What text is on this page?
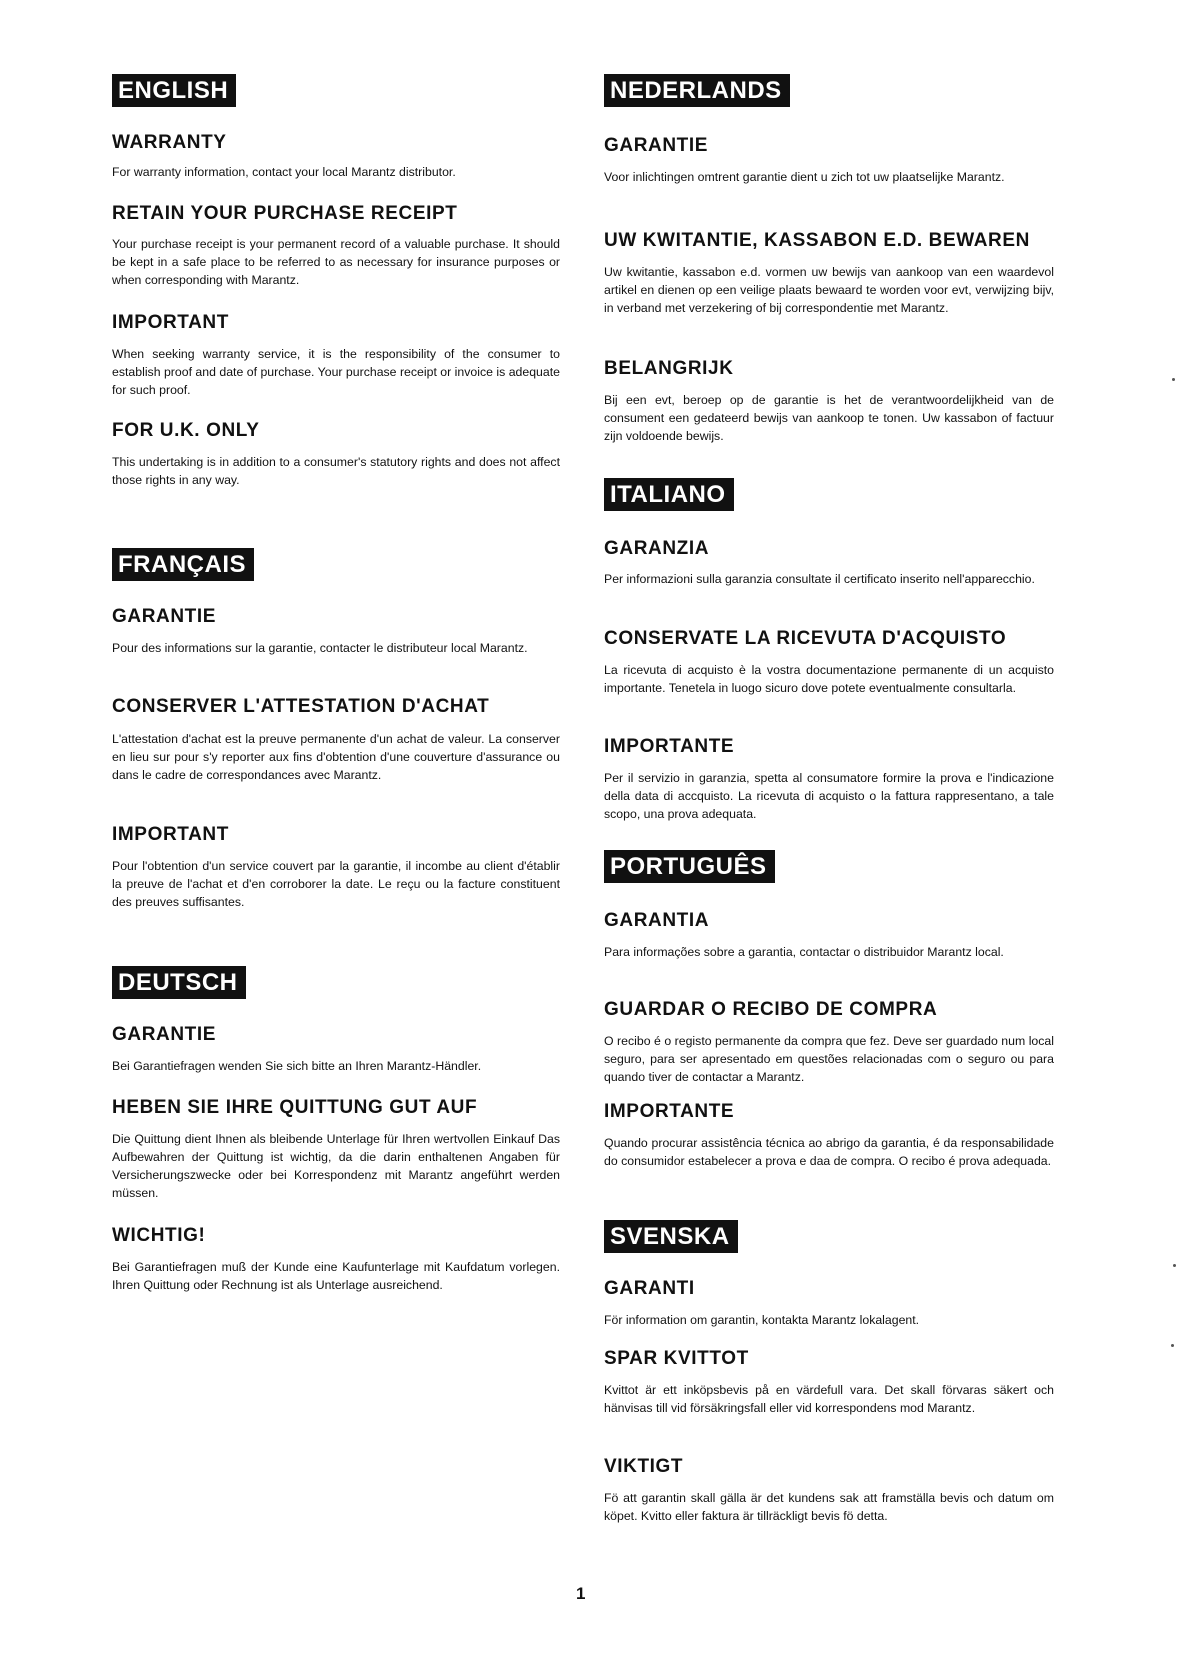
ENGLISH
WARRANTY

For warranty information, contact your local Marantz distributor.

RETAIN YOUR PURCHASE RECEIPT

Your purchase receipt is your permanent record of a valuable purchase. It should be kept in a safe place to be referred to as necessary for insurance purposes or when corresponding with Marantz.

IMPORTANT

When seeking warranty service, it is the responsibility of the consumer to establish proof and date of purchase. Your purchase receipt or invoice is adequate for such proof.

FOR U.K. ONLY

This undertaking is in addition to a consumer's statutory rights and does not affect those rights in any way.

FRANÇAIS
GARANTIE

Pour des informations sur la garantie, contacter le distributeur local Marantz.

CONSERVER L'ATTESTATION D'ACHAT

L'attestation d'achat est la preuve permanente d'un achat de valeur. La conserver en lieu sur pour s'y reporter aux fins d'obtention d'une couverture d'assurance ou dans le cadre de correspondances avec Marantz.

IMPORTANT

Pour l'obtention d'un service couvert par la garantie, il incombe au client d'établir la preuve de l'achat et d'en corroborer la date. Le reçu ou la facture constituent des preuves suffisantes.

DEUTSCH
GARANTIE

Bei Garantiefragen wenden Sie sich bitte an Ihren Marantz-Händler.

HEBEN SIE IHRE QUITTUNG GUT AUF

Die Quittung dient Ihnen als bleibende Unterlage für Ihren wertvollen Einkauf Das Aufbewahren der Quittung ist wichtig, da die darin enthaltenen Angaben für Versicherungszwecke oder bei Korrespondenz mit Marantz angeführt werden müssen.

WICHTIG!

Bei Garantiefragen muß der Kunde eine Kaufunterlage mit Kaufdatum vorlegen. Ihren Quittung oder Rechnung ist als Unterlage ausreichend.

NEDERLANDS
GARANTIE

Voor inlichtingen omtrent garantie dient u zich tot uw plaatselijke Marantz.

UW KWITANTIE, KASSABON E.D. BEWAREN

Uw kwitantie, kassabon e.d. vormen uw bewijs van aankoop van een waardevol artikel en dienen op een veilige plaats bewaard te worden voor evt, verwijzing bijv, in verband met verzekering of bij correspondentie met Marantz.

BELANGRIJK

Bij een evt, beroep op de garantie is het de verantwoordelijkheid van de consument een gedateerd bewijs van aankoop te tonen. Uw kassabon of factuur zijn voldoende bewijs.

ITALIANO
GARANZIA

Per informazioni sulla garanzia consultate il certificato inserito nell'apparecchio.

CONSERVATE LA RICEVUTA D'ACQUISTO

La ricevuta di acquisto è la vostra documentazione permanente di un acquisto importante. Tenetela in luogo sicuro dove potete eventualmente consultarla.

IMPORTANTE

Per il servizio in garanzia, spetta al consumatore formire la prova e l'indicazione della data di accquisto. La ricevuta di acquisto o la fattura rappresentano, a tale scopo, una prova adequata.

PORTUGUÊS
GARANTIA

Para informações sobre a garantia, contactar o distribuidor Marantz local.

GUARDAR O RECIBO DE COMPRA

O recibo é o registo permanente da compra que fez. Deve ser guardado num local seguro, para ser apresentado em questões relacionadas com o seguro ou para quando tiver de contactar a Marantz.

IMPORTANTE

Quando procurar assistência técnica ao abrigo da garantia, é da responsabilidade do consumidor estabelecer a prova e daa de compra. O recibo é prova adequada.

SVENSKA
GARANTI

För information om garantin, kontakta Marantz lokalagent.

SPAR KVITTOT

Kvittot är ett inköpsbevis på en värdefull vara. Det skall förvaras säkert och hänvisas till vid försäkringsfall eller vid korrespondens mod Marantz.

VIKTIGT

Fö att garantin skall gälla är det kundens sak att framställa bevis och datum om köpet. Kvitto eller faktura är tillräckligt bevis fö detta.

1
